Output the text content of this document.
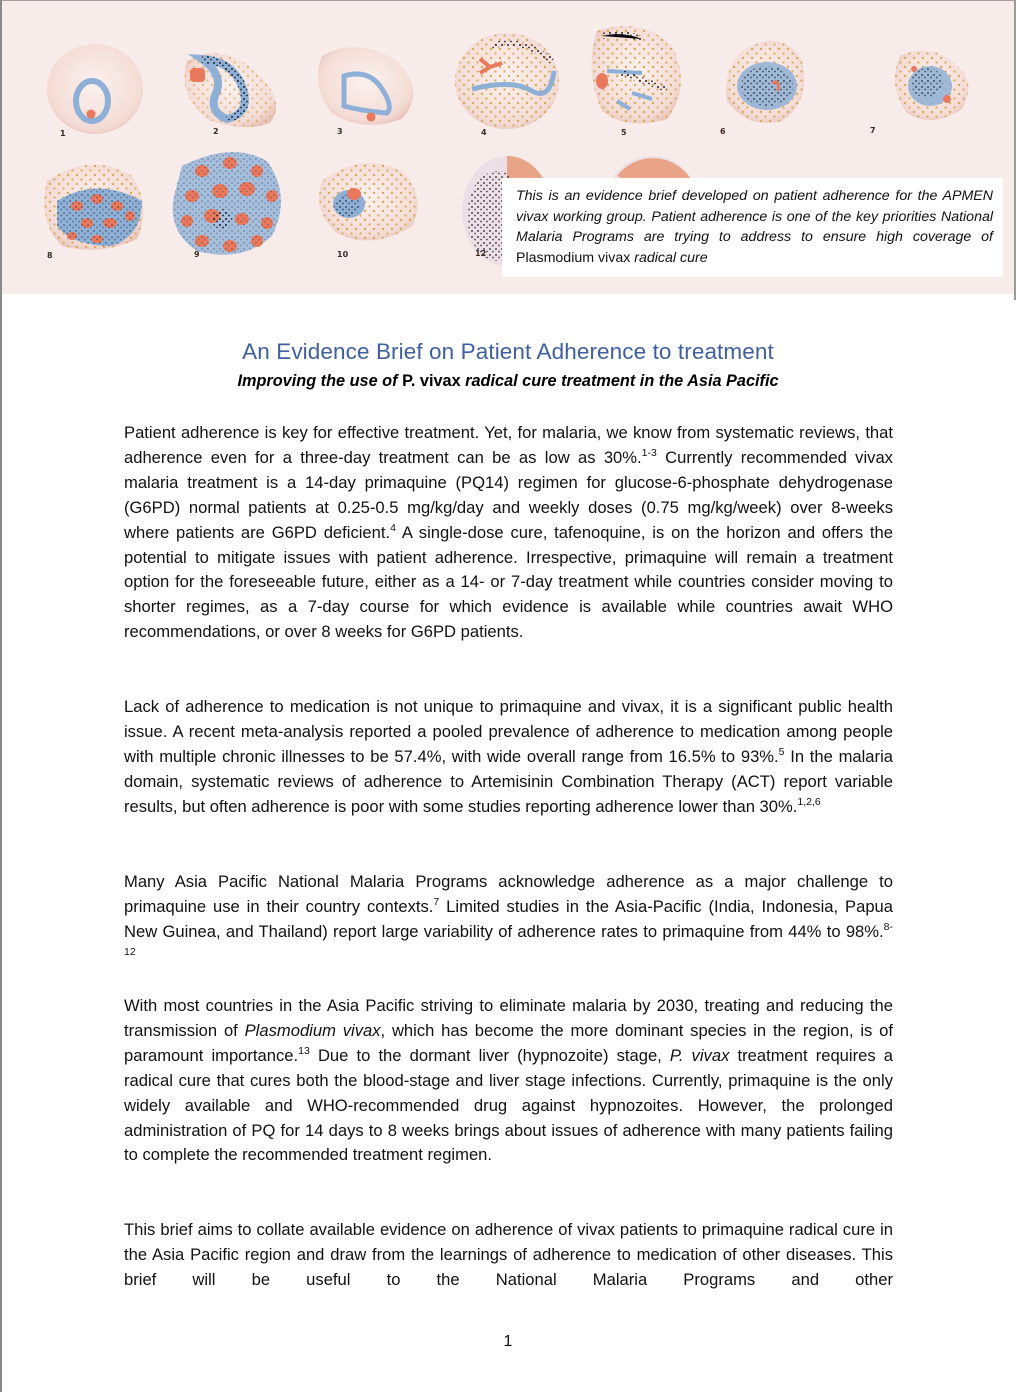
1	2	3	4	5	6	7
8	9	10	12
This is an evidence brief developed on patient adherence for the APMEN vivax working group. Patient adherence is one of the key priorities National Malaria Programs are trying to address to ensure high coverage of Plasmodium vivax radical cure
An Evidence Brief on Patient Adherence to treatment
Improving the use of P. vivax radical cure treatment in the Asia Pacific

Patient adherence is key for effective treatment. Yet, for malaria, we know from systematic reviews, that adherence even for a three-day treatment can be as low as 30%.$^{1-3}$ Currently recommended vivax malaria treatment is a 14-day primaquine (PQ14) regimen for glucose-6-phosphate dehydrogenase (G6PD) normal patients at 0.25-0.5 mg/kg/day and weekly doses (0.75 mg/kg/week) over 8-weeks where patients are G6PD deficient.$^4$ A single-dose cure, tafenoquine, is on the horizon and offers the potential to mitigate issues with patient adherence. Irrespective, primaquine will remain a treatment option for the foreseeable future, either as a 14- or 7-day treatment while countries consider moving to shorter regimes, as a 7-day course for which evidence is available while countries await WHO recommendations, or over 8 weeks for G6PD patients.

Lack of adherence to medication is not unique to primaquine and vivax, it is a significant public health issue. A recent meta-analysis reported a pooled prevalence of adherence to medication among people with multiple chronic illnesses to be 57.4%, with wide overall range from 16.5% to 93%.$^5$ In the malaria domain, systematic reviews of adherence to Artemisinin Combination Therapy (ACT) report variable results, but often adherence is poor with some studies reporting adherence lower than 30%.$^{1,2,6}$

Many Asia Pacific National Malaria Programs acknowledge adherence as a major challenge to primaquine use in their country contexts.$^7$ Limited studies in the Asia-Pacific (India, Indonesia, Papua New Guinea, and Thailand) report large variability of adherence rates to primaquine from 44% to 98%.$^{8-12}$

With most countries in the Asia Pacific striving to eliminate malaria by 2030, treating and reducing the transmission of Plasmodium vivax, which has become the more dominant species in the region, is of paramount importance.$^{13}$ Due to the dormant liver (hypnozoite) stage, P. vivax treatment requires a radical cure that cures both the blood-stage and liver stage infections. Currently, primaquine is the only widely available and WHO-recommended drug against hypnozoites. However, the prolonged administration of PQ for 14 days to 8 weeks brings about issues of adherence with many patients failing to complete the recommended treatment regimen.

This brief aims to collate available evidence on adherence of vivax patients to primaquine radical cure in the Asia Pacific region and draw from the learnings of adherence to medication of other diseases. This brief will be useful to the National Malaria Programs and other

1
